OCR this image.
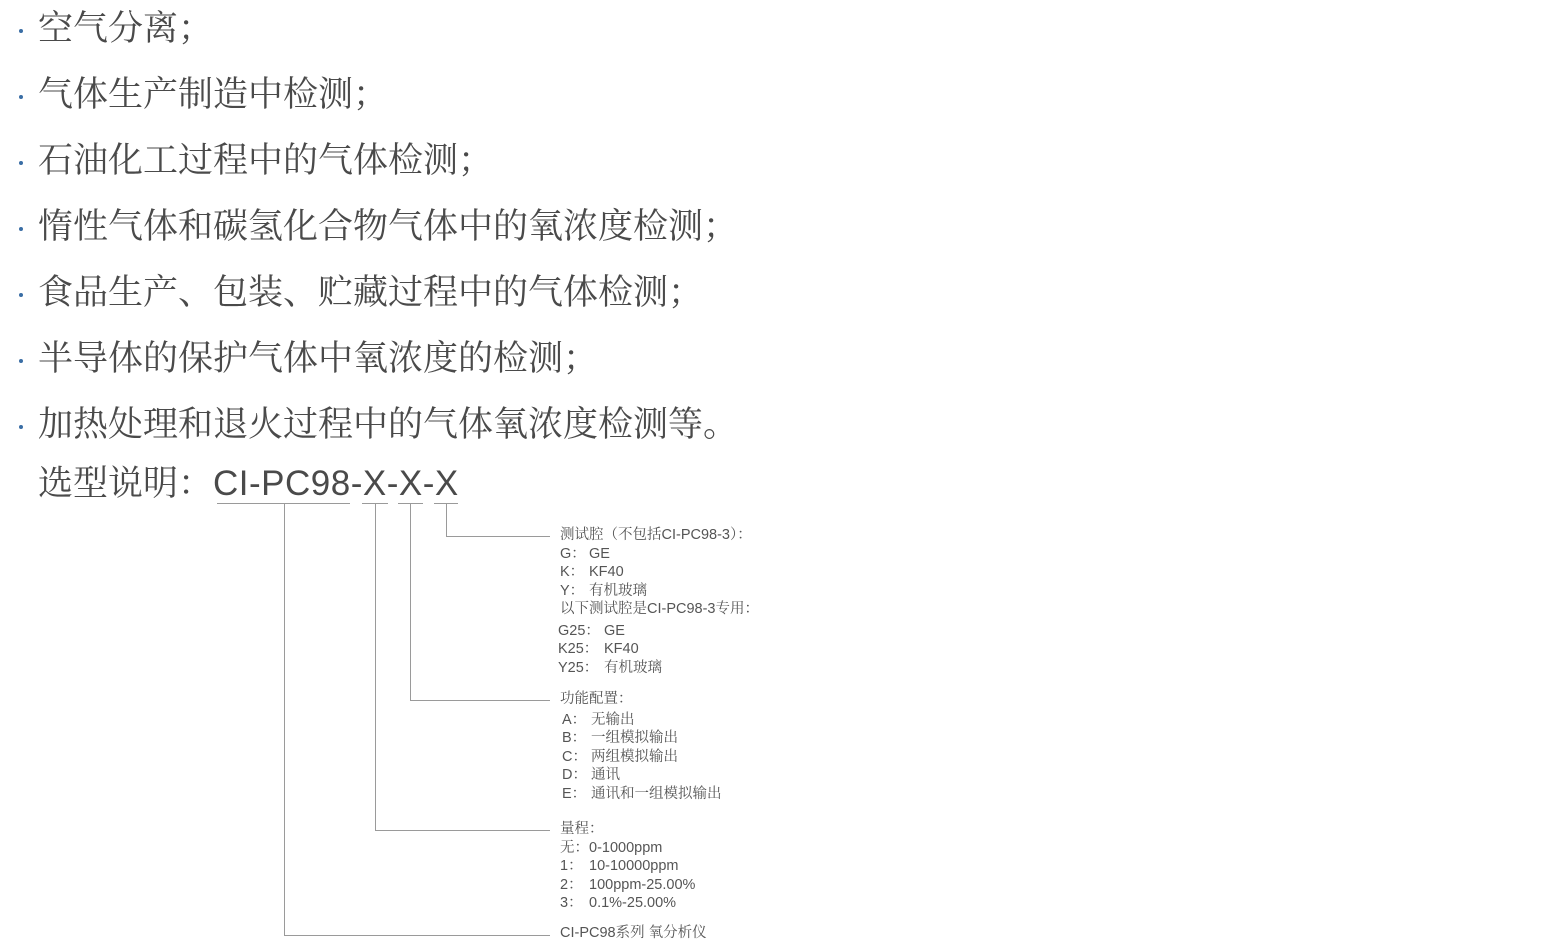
空气分离；
气体生产制造中检测；
石油化工过程中的气体检测；
惰性气体和碳氢化合物气体中的氧浓度检测；
食品生产、包装、贮藏过程中的气体检测；
半导体的保护气体中氧浓度的检测；
加热处理和退火过程中的气体氧浓度检测等。
选型说明：CI-PC98-X-X-X
测试腔（不包括CI-PC98-3）：
G： GE
K： KF40
Y： 有机玻璃
以下测试腔是CI-PC98-3专用：
G25： GE
K25： KF40
Y25： 有机玻璃
功能配置：
A： 无输出
B： 一组模拟输出
C： 两组模拟输出
D： 通讯
E： 通讯和一组模拟输出
量程：
无：0-1000ppm
1： 10-10000ppm
2： 100ppm-25.00%
3： 0.1%-25.00%
CI-PC98系列 氧分析仪
